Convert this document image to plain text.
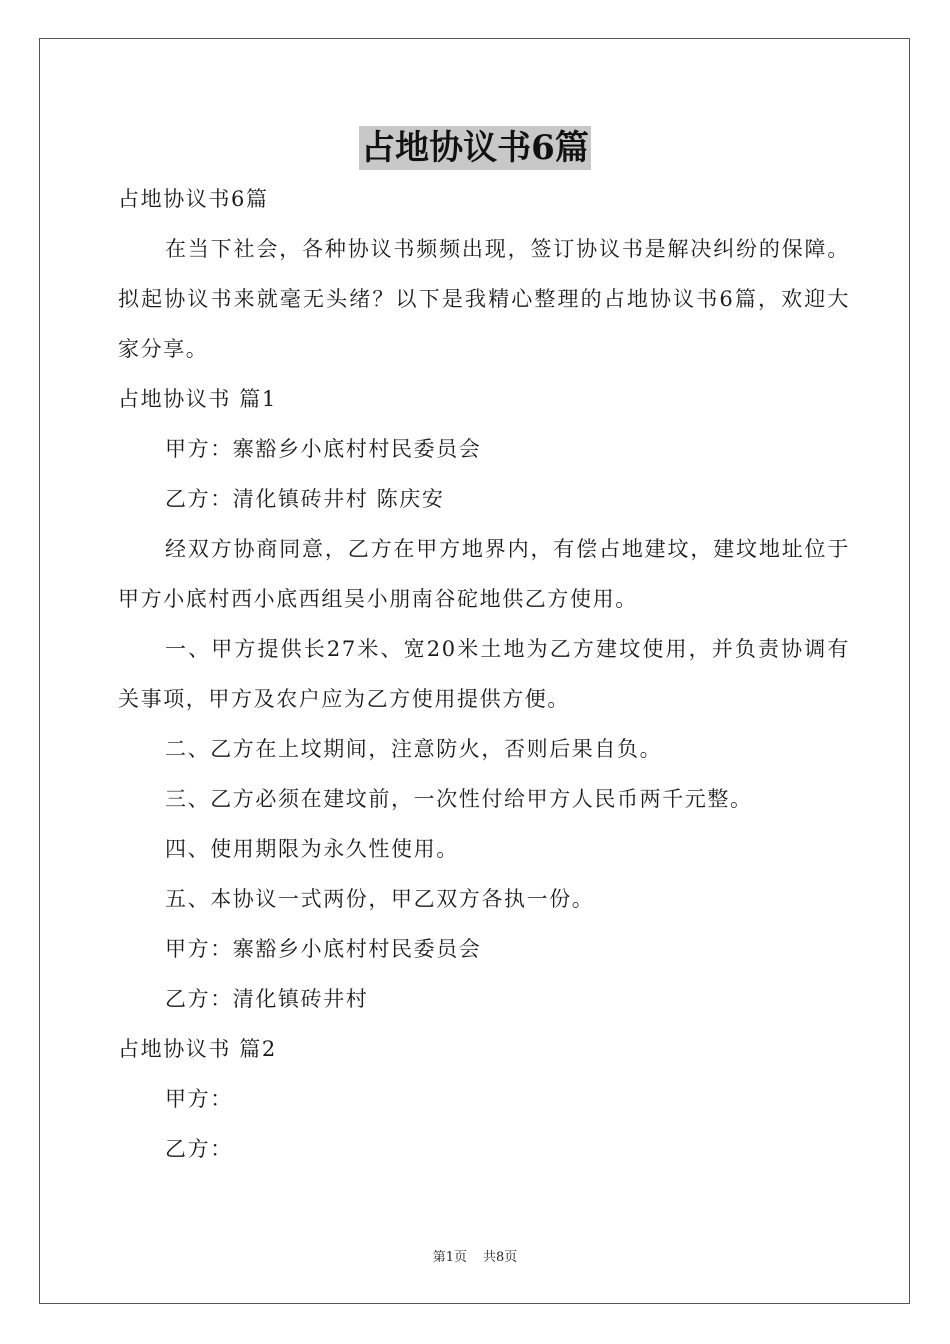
占地协议书6篇

占地协议书6篇

在当下社会，各种协议书频频出现，签订协议书是解决纠纷的保障。拟起协议书来就毫无头绪？以下是我精心整理的占地协议书6篇，欢迎大家分享。

占地协议书 篇1

甲方：寨豁乡小底村村民委员会

乙方：清化镇砖井村 陈庆安

经双方协商同意，乙方在甲方地界内，有偿占地建坟，建坟地址位于甲方小底村西小底西组吴小朋南谷砣地供乙方使用。

一、甲方提供长27米、宽20米土地为乙方建坟使用，并负责协调有关事项，甲方及农户应为乙方使用提供方便。

二、乙方在上坟期间，注意防火，否则后果自负。

三、乙方必须在建坟前，一次性付给甲方人民币两千元整。

四、使用期限为永久性使用。

五、本协议一式两份，甲乙双方各执一份。

甲方：寨豁乡小底村村民委员会

乙方：清化镇砖井村

占地协议书 篇2

甲方：

乙方：

第1页 共8页
